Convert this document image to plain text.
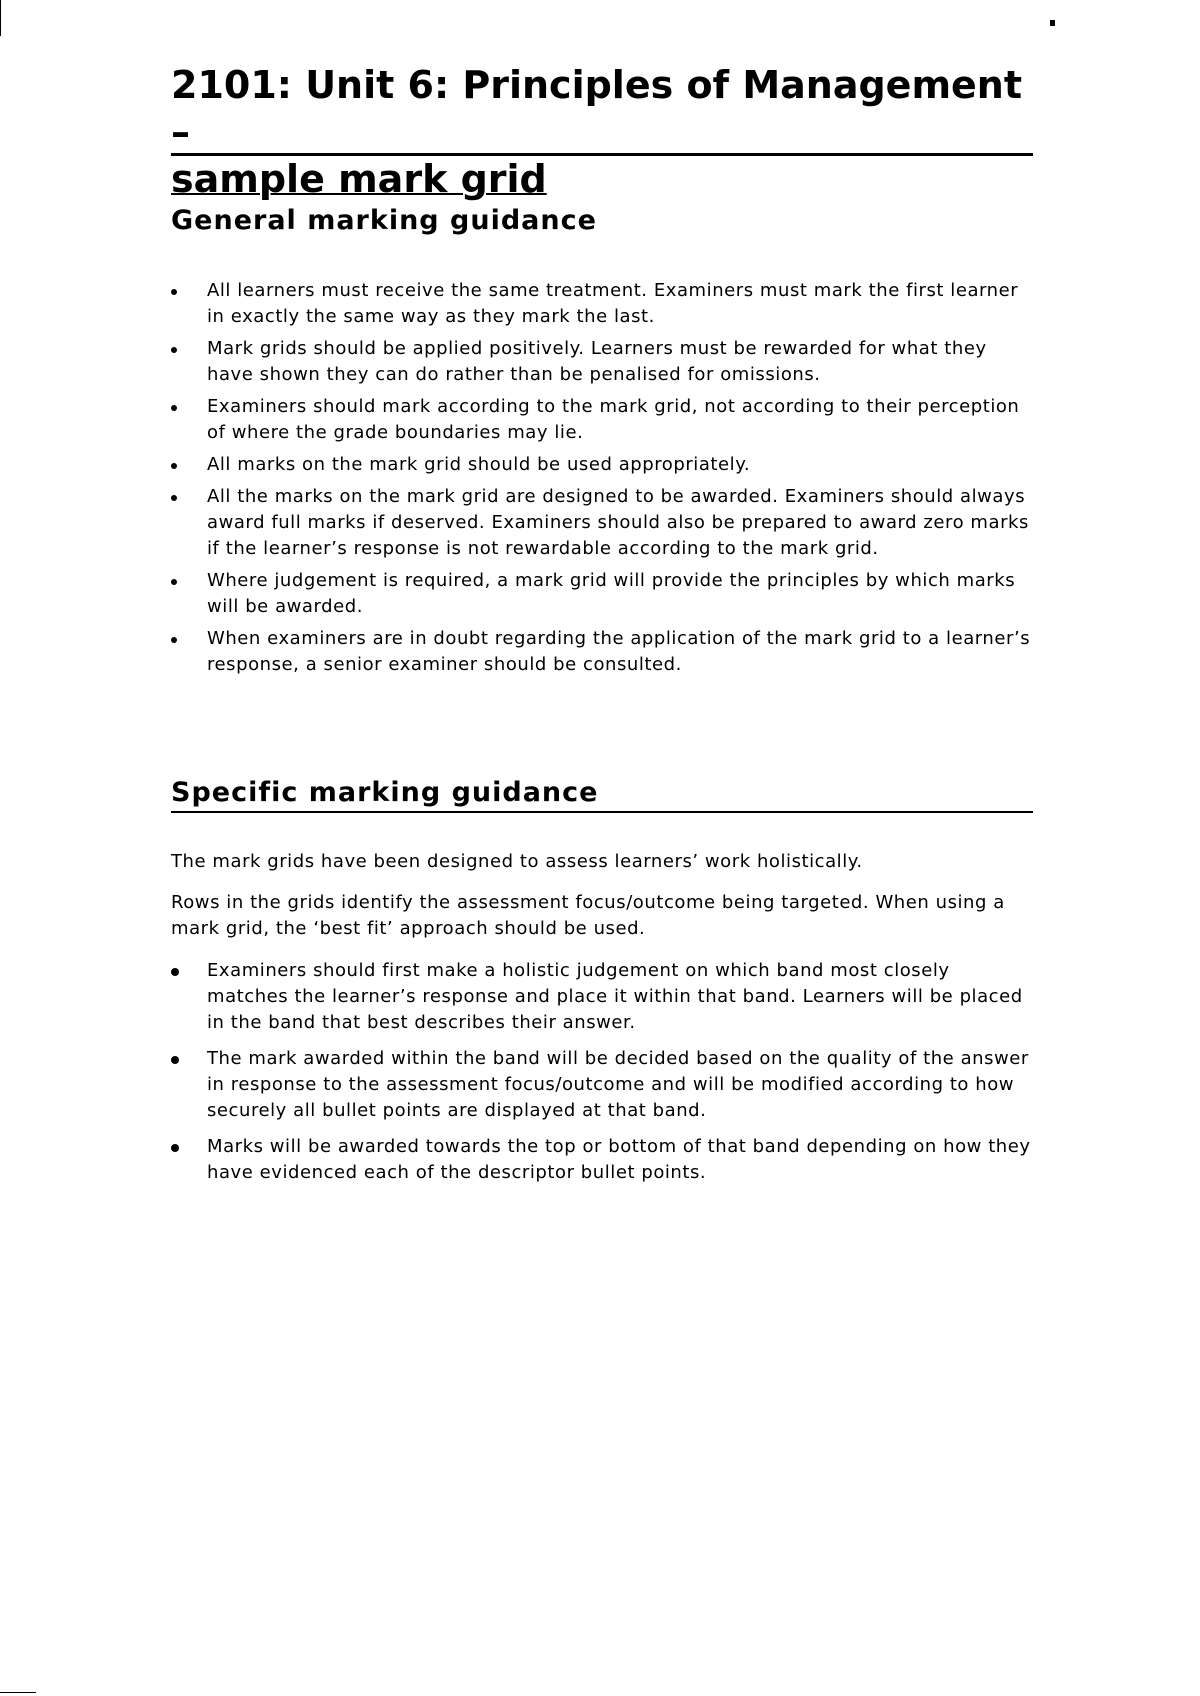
2101: Unit 6: Principles of Management –
sample mark grid
General marking guidance
All learners must receive the same treatment. Examiners must mark the first learner in exactly the same way as they mark the last.
Mark grids should be applied positively. Learners must be rewarded for what they have shown they can do rather than be penalised for omissions.
Examiners should mark according to the mark grid, not according to their perception of where the grade boundaries may lie.
All marks on the mark grid should be used appropriately.
All the marks on the mark grid are designed to be awarded. Examiners should always award full marks if deserved. Examiners should also be prepared to award zero marks if the learner’s response is not rewardable according to the mark grid.
Where judgement is required, a mark grid will provide the principles by which marks will be awarded.
When examiners are in doubt regarding the application of the mark grid to a learner’s response, a senior examiner should be consulted.
Specific marking guidance

The mark grids have been designed to assess learners’ work holistically.

Rows in the grids identify the assessment focus/outcome being targeted. When using a mark grid, the ‘best fit’ approach should be used.

Examiners should first make a holistic judgement on which band most closely matches the learner’s response and place it within that band. Learners will be placed in the band that best describes their answer.
The mark awarded within the band will be decided based on the quality of the answer in response to the assessment focus/outcome and will be modified according to how securely all bullet points are displayed at that band.
Marks will be awarded towards the top or bottom of that band depending on how they have evidenced each of the descriptor bullet points.
